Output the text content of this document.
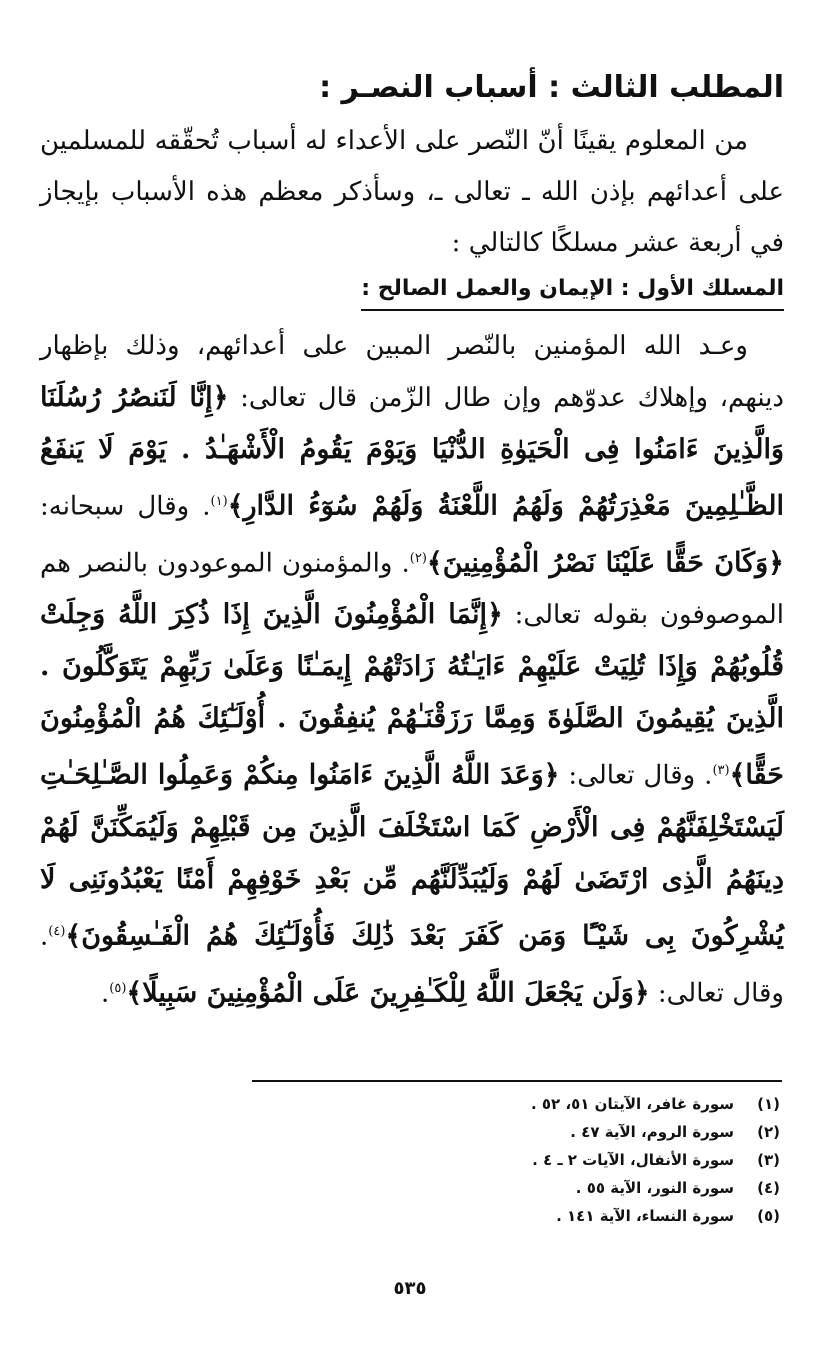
المطلب الثالث : أسباب النصـر :

من المعلوم يقينًا أنّ النّصر على الأعداء له أسباب تُحقّقه للمسلمين على أعدائهم بإذن الله ـ تعالى ـ، وسأذكر معظم هذه الأسباب بإيجاز في أربعة عشر مسلكًا كالتالي :

المسلك الأول : الإيمان والعمل الصالح :

وعـد الله المؤمنين بالنّصر المبين على أعدائهم، وذلك بإظهار دينهم، وإهلاك عدوّهم وإن طال الزّمن قال تعالى: ﴿إِنَّا لَنَنصُرُ رُسُلَنَا وَالَّذِينَ ءَامَنُوا فِى الْحَيَوٰةِ الدُّنْيَا وَيَوْمَ يَقُومُ الْأَشْهَـٰدُ . يَوْمَ لَا يَنفَعُ الظَّـٰلِمِينَ مَعْذِرَتُهُمْ وَلَهُمُ اللَّعْنَةُ وَلَهُمْ سُوٓءُ الدَّارِ﴾$^{(١)}$. وقال سبحانه: ﴿وَكَانَ حَقًّا عَلَيْنَا نَصْرُ الْمُؤْمِنِينَ﴾$^{(٢)}$. والمؤمنون الموعودون بالنصر هم الموصوفون بقوله تعالى: ﴿إِنَّمَا الْمُؤْمِنُونَ الَّذِينَ إِذَا ذُكِرَ اللَّهُ وَجِلَتْ قُلُوبُهُمْ وَإِذَا تُلِيَتْ عَلَيْهِمْ ءَايَـٰتُهُ زَادَتْهُمْ إِيمَـٰنًا وَعَلَىٰ رَبِّهِمْ يَتَوَكَّلُونَ . الَّذِينَ يُقِيمُونَ الصَّلَوٰةَ وَمِمَّا رَزَقْنَـٰهُمْ يُنفِقُونَ . أُوْلَـٰٓئِكَ هُمُ الْمُؤْمِنُونَ حَقًّا﴾$^{(٣)}$. وقال تعالى: ﴿وَعَدَ اللَّهُ الَّذِينَ ءَامَنُوا مِنكُمْ وَعَمِلُوا الصَّـٰلِحَـٰتِ لَيَسْتَخْلِفَنَّهُمْ فِى الْأَرْضِ كَمَا اسْتَخْلَفَ الَّذِينَ مِن قَبْلِهِمْ وَلَيُمَكِّنَنَّ لَهُمْ دِينَهُمُ الَّذِى ارْتَضَىٰ لَهُمْ وَلَيُبَدِّلَنَّهُم مِّن بَعْدِ خَوْفِهِمْ أَمْنًا يَعْبُدُونَنِى لَا يُشْرِكُونَ بِى شَيْـًٔا وَمَن كَفَرَ بَعْدَ ذَٰلِكَ فَأُوْلَـٰٓئِكَ هُمُ الْفَـٰسِقُونَ﴾$^{(٤)}$. وقال تعالى: ﴿وَلَن يَجْعَلَ اللَّهُ لِلْكَـٰفِرِينَ عَلَى الْمُؤْمِنِينَ سَبِيلًا﴾$^{(٥)}$.

(١)
سورة غافر، الآيتان ٥١، ٥٢ .
(٢)
سورة الروم، الآية ٤٧ .
(٣)
سورة الأنفال، الآيات ٢ ـ ٤ .
(٤)
سورة النور، الآية ٥٥ .
(٥)
سورة النساء، الآية ١٤١ .
٥٣٥
